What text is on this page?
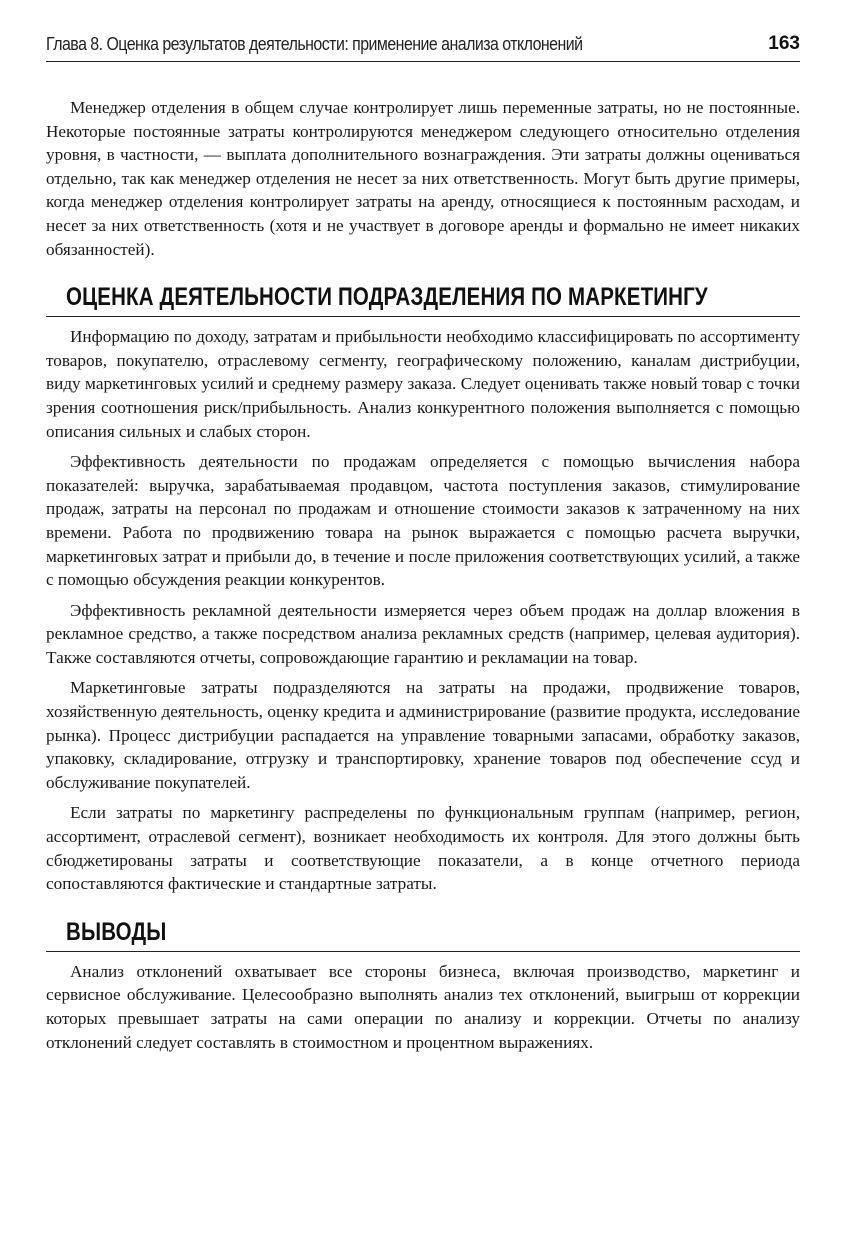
Глава 8. Оценка результатов деятельности: применение анализа отклонений	163

Менеджер отделения в общем случае контролирует лишь переменные затраты, но не постоянные. Некоторые постоянные затраты контролируются менеджером следующего относительно отделения уровня, в частности, — выплата дополнительного вознаграждения. Эти затраты должны оцениваться отдельно, так как менеджер отделения не несет за них ответственность. Могут быть другие примеры, когда менеджер отделения контролирует затраты на аренду, относящиеся к постоянным расходам, и несет за них ответственность (хотя и не участвует в договоре аренды и формально не имеет никаких обязанностей).

ОЦЕНКА ДЕЯТЕЛЬНОСТИ ПОДРАЗДЕЛЕНИЯ ПО МАРКЕТИНГУ

Информацию по доходу, затратам и прибыльности необходимо классифицировать по ассортименту товаров, покупателю, отраслевому сегменту, географическому положению, каналам дистрибуции, виду маркетинговых усилий и среднему размеру заказа. Следует оценивать также новый товар с точки зрения соотношения риск/прибыльность. Анализ конкурентного положения выполняется с помощью описания сильных и слабых сторон.

Эффективность деятельности по продажам определяется с помощью вычисления набора показателей: выручка, зарабатываемая продавцом, частота поступления заказов, стимулирование продаж, затраты на персонал по продажам и отношение стоимости заказов к затраченному на них времени. Работа по продвижению товара на рынок выражается с помощью расчета выручки, маркетинговых затрат и прибыли до, в течение и после приложения соответствующих усилий, а также с помощью обсуждения реакции конкурентов.

Эффективность рекламной деятельности измеряется через объем продаж на доллар вложения в рекламное средство, а также посредством анализа рекламных средств (например, целевая аудитория). Также составляются отчеты, сопровождающие гарантию и рекламации на товар.

Маркетинговые затраты подразделяются на затраты на продажи, продвижение товаров, хозяйственную деятельность, оценку кредита и администрирование (развитие продукта, исследование рынка). Процесс дистрибуции распадается на управление товарными запасами, обработку заказов, упаковку, складирование, отгрузку и транспортировку, хранение товаров под обеспечение ссуд и обслуживание покупателей.

Если затраты по маркетингу распределены по функциональным группам (например, регион, ассортимент, отраслевой сегмент), возникает необходимость их контроля. Для этого должны быть сбюджетированы затраты и соответствующие показатели, а в конце отчетного периода сопоставляются фактические и стандартные затраты.

ВЫВОДЫ

Анализ отклонений охватывает все стороны бизнеса, включая производство, маркетинг и сервисное обслуживание. Целесообразно выполнять анализ тех отклонений, выигрыш от коррекции которых превышает затраты на сами операции по анализу и коррекции. Отчеты по анализу отклонений следует составлять в стоимостном и процентном выражениях.
